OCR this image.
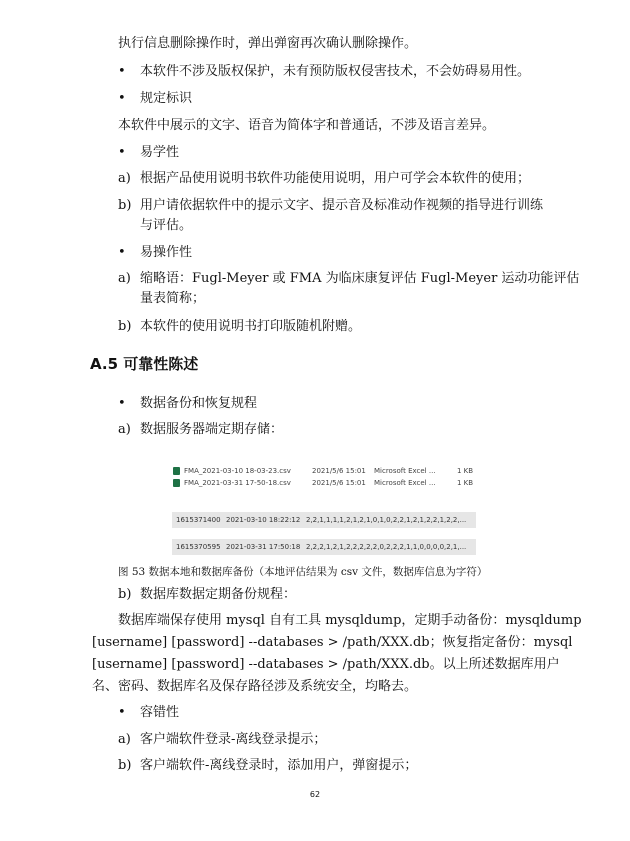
执行信息删除操作时，弹出弹窗再次确认删除操作。
• 本软件不涉及版权保护，未有预防版权侵害技术，不会妨碍易用性。
• 规定标识
本软件中展示的文字、语音为简体字和普通话，不涉及语言差异。
• 易学性
a) 根据产品使用说明书软件功能使用说明，用户可学会本软件的使用；
b) 用户请依据软件中的提示文字、提示音及标准动作视频的指导进行训练
与评估。
• 易操作性
a) 缩略语：Fugl-Meyer 或 FMA 为临床康复评估 Fugl-Meyer 运动功能评估
量表简称；
b) 本软件的使用说明书打印版随机附赠。
A.5 可靠性陈述
• 数据备份和恢复规程
a) 数据服务器端定期存储：
FMA_2021-03-10 18-03-23.csv	2021/5/6 15:01 Microsoft Excel ...	1 KB
FMA_2021-03-31 17-50-18.csv	2021/5/6 15:01 Microsoft Excel ...	1 KB
1615371400 2021-03-10 18:22:12 2,2,1,1,1,1,2,1,2,1,0,1,0,2,2,1,2,1,2,2,1,2,2,...
1615370595 2021-03-31 17:50:18 2,2,2,1,2,1,2,2,2,2,2,0,2,2,2,1,1,0,0,0,0,2,1,...
图 53 数据本地和数据库备份（本地评估结果为 csv 文件，数据库信息为字符）
b) 数据库数据定期备份规程：
数据库端保存使用 mysql 自有工具 mysqldump，定期手动备份：mysqldump
[username] [password] --databases > /path/XXX.db；恢复指定备份：mysql
[username] [password] --databases > /path/XXX.db。以上所述数据库用户
名、密码、数据库名及保存路径涉及系统安全，均略去。
• 容错性
a) 客户端软件登录-离线登录提示；
b) 客户端软件-离线登录时，添加用户，弹窗提示；
62
